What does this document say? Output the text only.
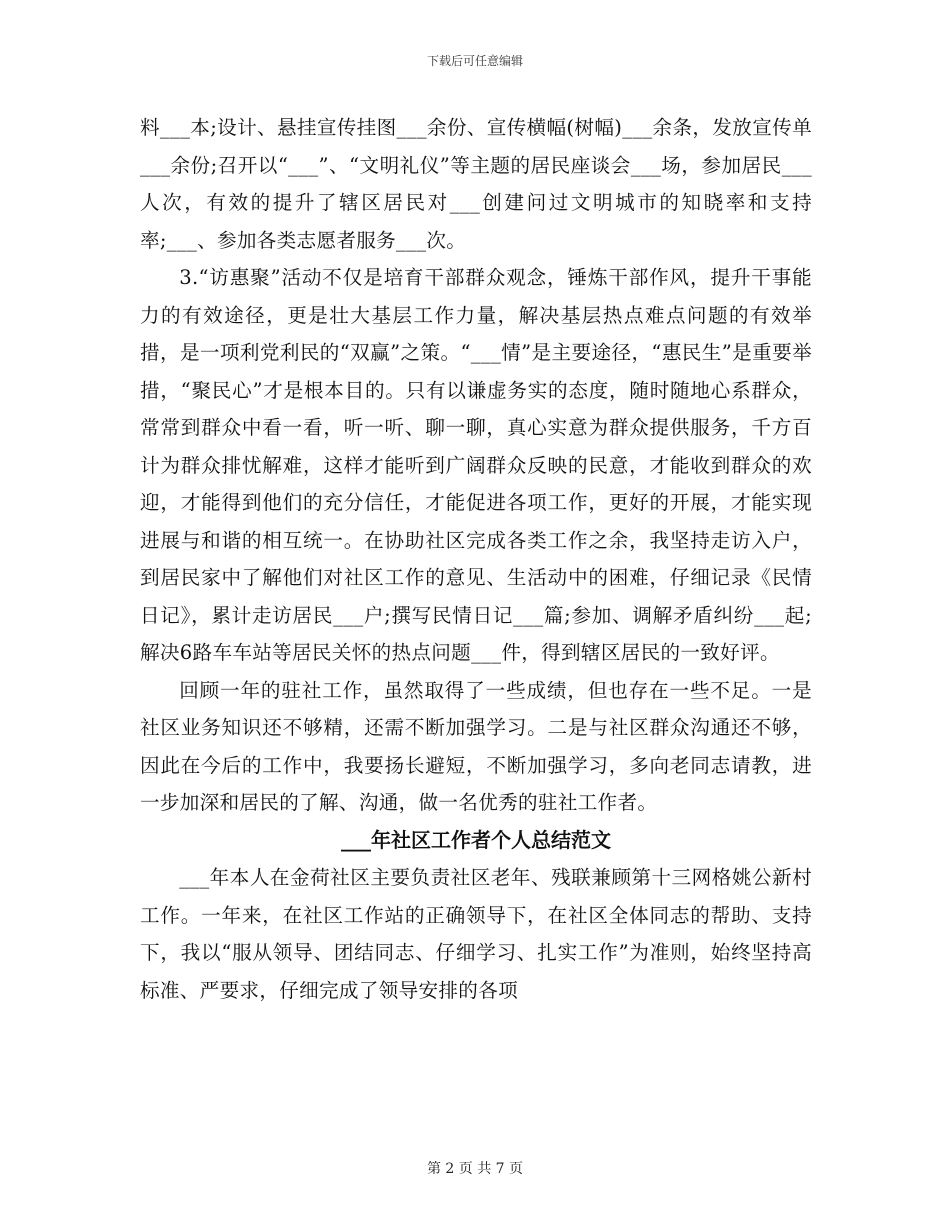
下载后可任意编辑

料___本;设计、悬挂宣传挂图___余份、宣传横幅(树幅)___余条，发放宣传单___余份;召开以“___”、“文明礼仪”等主题的居民座谈会___场，参加居民___人次，有效的提升了辖区居民对___创建问过文明城市的知晓率和支持率;___、参加各类志愿者服务___次。

3.“访惠聚”活动不仅是培育干部群众观念，锤炼干部作风，提升干事能力的有效途径，更是壮大基层工作力量，解决基层热点难点问题的有效举措，是一项利党利民的“双赢”之策。“___情”是主要途径，“惠民生”是重要举措，“聚民心”才是根本目的。只有以谦虚务实的态度，随时随地心系群众，常常到群众中看一看，听一听、聊一聊，真心实意为群众提供服务，千方百计为群众排忧解难，这样才能听到广阔群众反映的民意，才能收到群众的欢迎，才能得到他们的充分信任，才能促进各项工作，更好的开展，才能实现进展与和谐的相互统一。在协助社区完成各类工作之余，我坚持走访入户，到居民家中了解他们对社区工作的意见、生活动中的困难，仔细记录《民情日记》，累计走访居民___户;撰写民情日记___篇;参加、调解矛盾纠纷___起;解决6路车车站等居民关怀的热点问题___件，得到辖区居民的一致好评。

回顾一年的驻社工作，虽然取得了一些成绩，但也存在一些不足。一是社区业务知识还不够精，还需不断加强学习。二是与社区群众沟通还不够，因此在今后的工作中，我要扬长避短，不断加强学习，多向老同志请教，进一步加深和居民的了解、沟通，做一名优秀的驻社工作者。

___年社区工作者个人总结范文

___年本人在金荷社区主要负责社区老年、残联兼顾第十三网格姚公新村工作。一年来，在社区工作站的正确领导下，在社区全体同志的帮助、支持下，我以“服从领导、团结同志、仔细学习、扎实工作”为准则，始终坚持高标准、严要求，仔细完成了领导安排的各项

第 2 页 共 7 页
